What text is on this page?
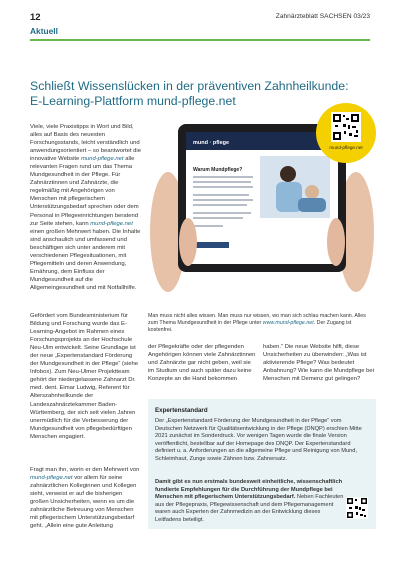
12	Zahnärzteblatt SACHSEN 03/23
Aktuell
Schließt Wissenslücken in der präventiven Zahnheilkunde:
E-Learning-Plattform mund-pflege.net

Viele, viele Praxistipps in Wort und Bild, alles auf Basis des neuesten Forschungsstands, leicht verständlich und anwendungsorientiert – so beantwortet die innovative Website mund-pflege.net alle relevanten Fragen rund um das Thema Mundgesundheit in der Pflege. Für Zahnärztinnen und Zahnärzte, die regelmäßig mit Angehörigen von Menschen mit pflegerischem Unterstützungsbedarf sprechen oder dem Personal in Pflegeeinrichtungen beratend zur Seite stehen, kann mund-pflege.net einen großen Mehrwert haben. Die Inhalte sind anschaulich und umfassend und beschäftigen sich unter anderem mit verschiedenen Pflegesituationen, mit Pflegemitteln und deren Anwendung, Ernährung, dem Einfluss der Mundgesundheit auf die Allgemeingesundheit und mit Notfallhilfe.

Gefördert vom Bundesministerium für Bildung und Forschung wurde das E-Learning-Angebot im Rahmen eines Forschungsprojekts an der Hochschule Neu-Ulm entwickelt. Seine Grundlage ist der neue „Expertenstandard Förderung der Mundgesundheit in der Pflege“ (siehe Infobox). Zum Neu-Ulmer Projektteam gehört der niedergelassene Zahnarzt Dr. med. dent. Eimar Ludwig, Referent für Alterszahnheilkunde der Landeszahnärztekammer Baden-Württemberg, der sich seit vielen Jahren unermüdlich für die Verbesserung der Mundgesundheit von pflegebedürftigen Menschen engagiert.

Fragt man ihn, worin er den Mehrwert von mund-pflege.net vor allem für seine zahnärztlichen Kolleginnen und Kollegen sieht, verweist er auf die bisherigen großen Unsicherheiten, wenn es um die zahnärztliche Betreuung von Menschen mit pflegerischem Unterstützungsbedarf geht. „Allein eine gute Anleitung

mund · pflege
Warum Mundpflege?
mund-pflege.net

Man muss nicht alles wissen. Man muss nur wissen, wo man sich schlau machen kann. Alles zum Thema Mundgesundheit in der Pflege unter www.mund-pflege.net. Der Zugang ist kostenfrei.

der Pflegekräfte oder der pflegenden Angehörigen können viele Zahnärztinnen und Zahnärzte gar nicht geben, weil sie im Studium und auch später dazu keine Konzepte an die Hand bekommen

haben.“ Die neue Website hilft, diese Unsicherheiten zu überwinden: „Was ist aktivierende Pflege? Was bedeutet Anbahnung? Wie kann die Mundpflege bei Menschen mit Demenz gut gelingen?

Expertenstandard

Der „Expertenstandard Förderung der Mundgesundheit in der Pflege“ vom Deutschen Netzwerk für Qualitätsentwicklung in der Pflege (DNQP) erschien Mitte 2021 zunächst im Sonderdruck. Vor wenigen Tagen wurde die finale Version veröffentlicht, bestellbar auf der Homepage des DNQP. Der Expertenstandard definiert u. a. Anforderungen an die allgemeine Pflege und Reinigung von Mund, Schleimhaut, Zunge sowie Zähnen bzw. Zahnersatz.

Damit gibt es nun erstmals bundesweit einheitliche, wissenschaftlich fundierte Empfehlungen für die Durchführung der Mundpflege bei Menschen mit pflegerischem Unterstützungsbedarf. Neben Fachleuten aus der Pflegepraxis, Pflegewissenschaft und dem Pflegemanagement waren auch Experten der Zahnmedizin an der Entwicklung dieses Leitfadens beteiligt.
